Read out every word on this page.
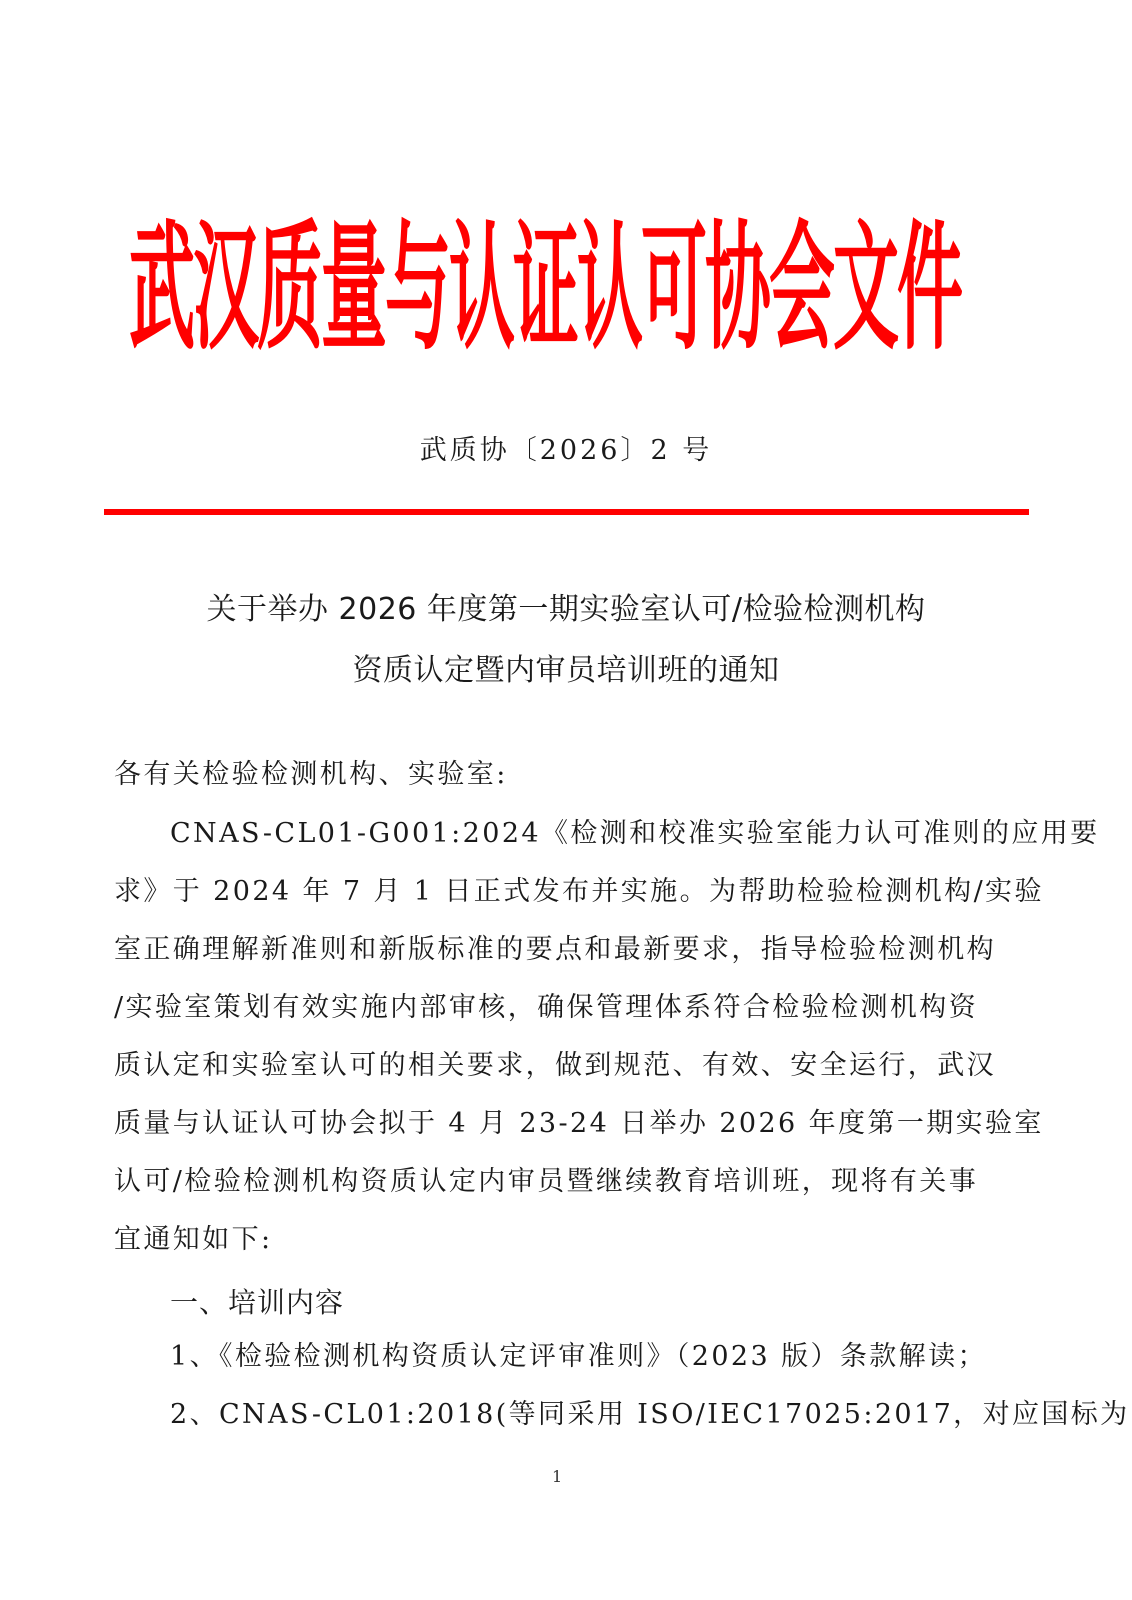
武汉质量与认证认可协会文件
武质协〔2026〕2 号
关于举办 2026 年度第一期实验室认可/检验检测机构
资质认定暨内审员培训班的通知
各有关检验检测机构、实验室:
CNAS-CL01-G001:2024《检测和校准实验室能力认可准则的应用要
求》于 2024 年 7 月 1 日正式发布并实施。为帮助检验检测机构/实验
室正确理解新准则和新版标准的要点和最新要求，指导检验检测机构
/实验室策划有效实施内部审核，确保管理体系符合检验检测机构资
质认定和实验室认可的相关要求，做到规范、有效、安全运行，武汉
质量与认证认可协会拟于 4 月 23-24 日举办 2026 年度第一期实验室
认可/检验检测机构资质认定内审员暨继续教育培训班，现将有关事
宜通知如下:
一、培训内容
1、《检验检测机构资质认定评审准则》（2023 版）条款解读；
2、CNAS-CL01:2018(等同采用 ISO/IEC17025:2017，对应国标为
1
